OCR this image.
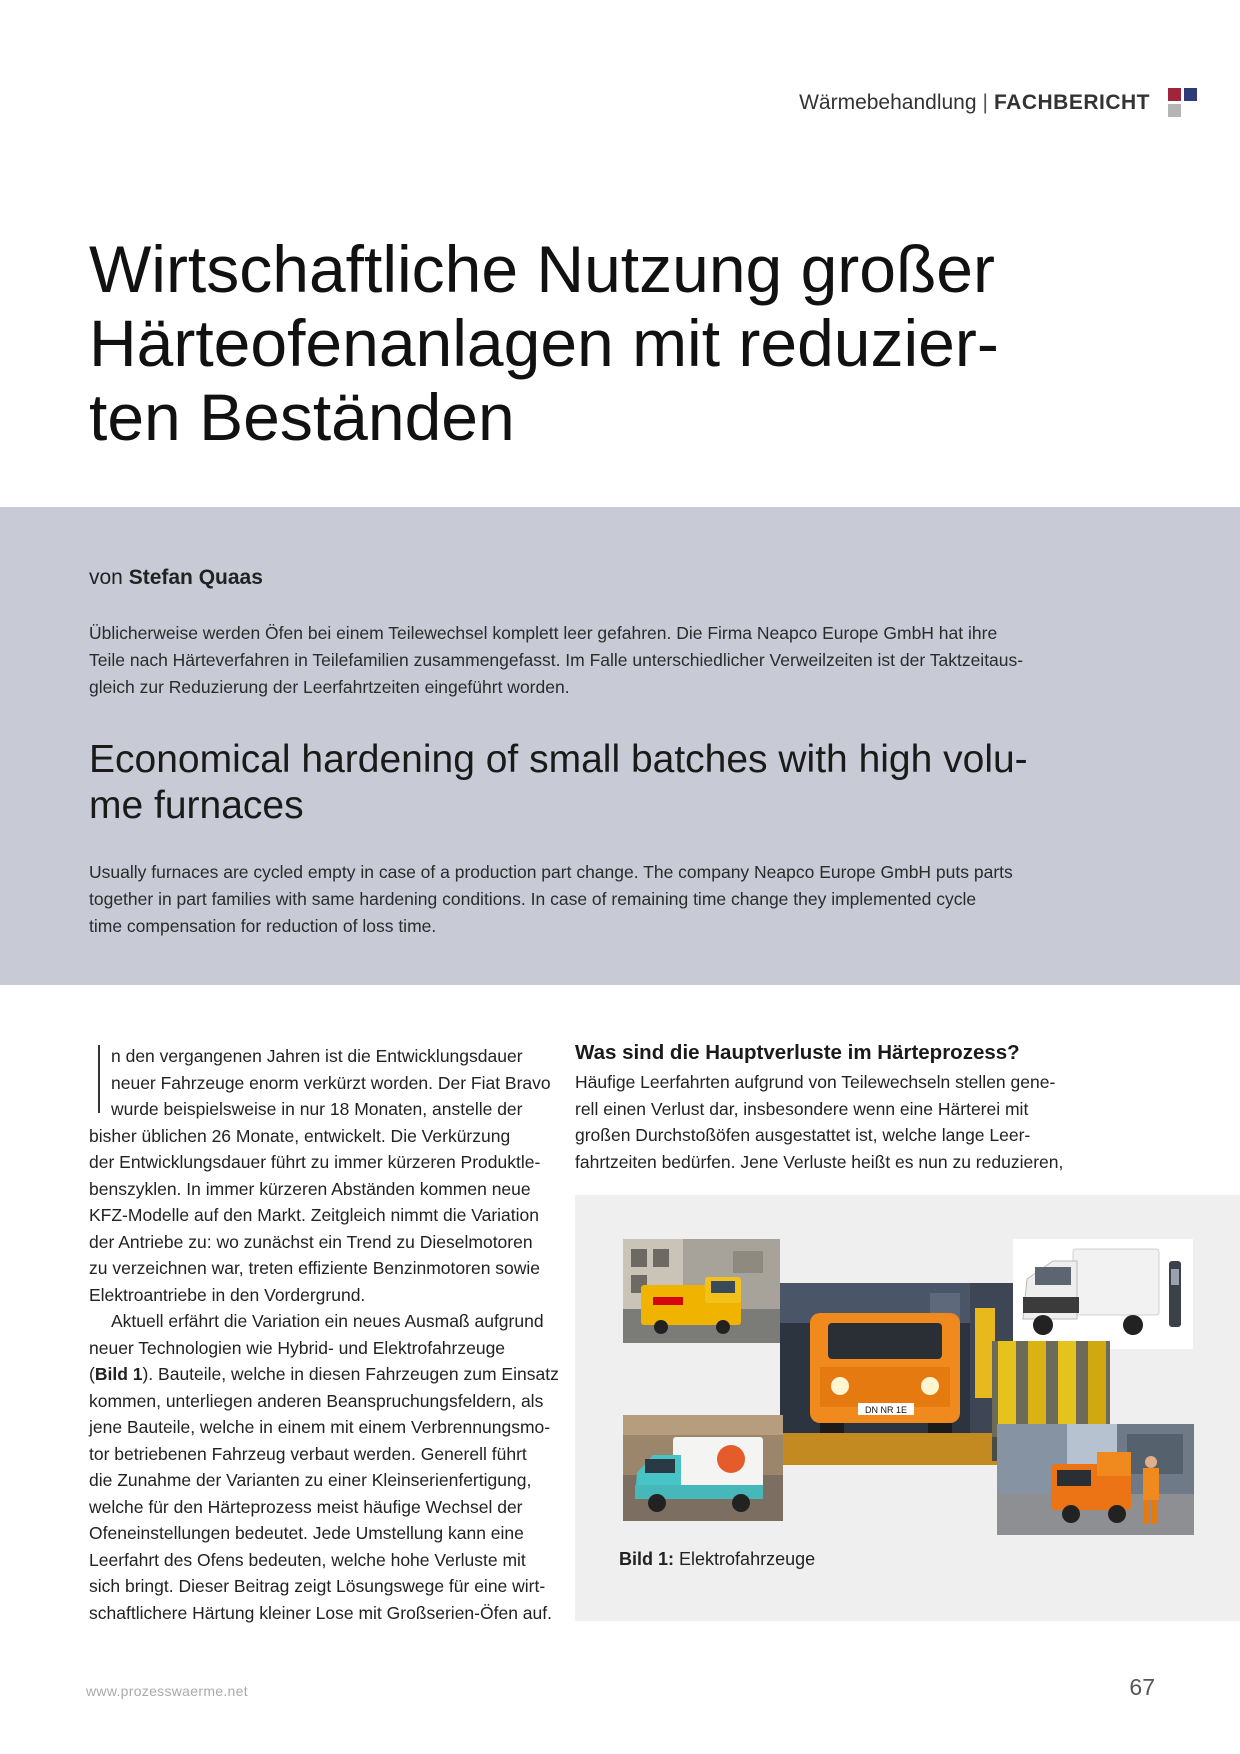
Wärmebehandlung | FACHBERICHT
Wirtschaftliche Nutzung großer
Härteofenanlagen mit reduzier-
ten Beständen
von Stefan Quaas

Üblicherweise werden Öfen bei einem Teilewechsel komplett leer gefahren. Die Firma Neapco Europe GmbH hat ihre
Teile nach Härteverfahren in Teilefamilien zusammengefasst. Im Falle unterschiedlicher Verweilzeiten ist der Taktzeitaus-
gleich zur Reduzierung der Leerfahrtzeiten eingeführt worden.

Economical hardening of small batches with high volu-
me furnaces

Usually furnaces are cycled empty in case of a production part change. The company Neapco Europe GmbH puts parts
together in part families with same hardening conditions. In case of remaining time change they implemented cycle
time compensation for reduction of loss time.

n den vergangenen Jahren ist die Entwicklungsdauer
neuer Fahrzeuge enorm verkürzt worden. Der Fiat Bravo
wurde beispielsweise in nur 18 Monaten, anstelle der
bisher üblichen 26 Monate, entwickelt. Die Verkürzung
der Entwicklungsdauer führt zu immer kürzeren Produktle-
benszyklen. In immer kürzeren Abständen kommen neue
KFZ-Modelle auf den Markt. Zeitgleich nimmt die Variation
der Antriebe zu: wo zunächst ein Trend zu Dieselmotoren
zu verzeichnen war, treten effiziente Benzinmotoren sowie
Elektroantriebe in den Vordergrund.
Aktuell erfährt die Variation ein neues Ausmaß aufgrund
neuer Technologien wie Hybrid- und Elektrofahrzeuge
(Bild 1). Bauteile, welche in diesen Fahrzeugen zum Einsatz
kommen, unterliegen anderen Beanspruchungsfeldern, als
jene Bauteile, welche in einem mit einem Verbrennungsmo-
tor betriebenen Fahrzeug verbaut werden. Generell führt
die Zunahme der Varianten zu einer Kleinserienfertigung,
welche für den Härteprozess meist häufige Wechsel der
Ofeneinstellungen bedeutet. Jede Umstellung kann eine
Leerfahrt des Ofens bedeuten, welche hohe Verluste mit
sich bringt. Dieser Beitrag zeigt Lösungswege für eine wirt-
schaftlichere Härtung kleiner Lose mit Großserien-Öfen auf.
Was sind die Hauptverluste im Härteprozess?
Häufige Leerfahrten aufgrund von Teilewechseln stellen gene-
rell einen Verlust dar, insbesondere wenn eine Härterei mit
großen Durchstoßöfen ausgestattet ist, welche lange Leer-
fahrtzeiten bedürfen. Jene Verluste heißt es nun zu reduzieren,
DN NR 1E
Bild 1: Elektrofahrzeuge
www.prozesswaerme.net	67
